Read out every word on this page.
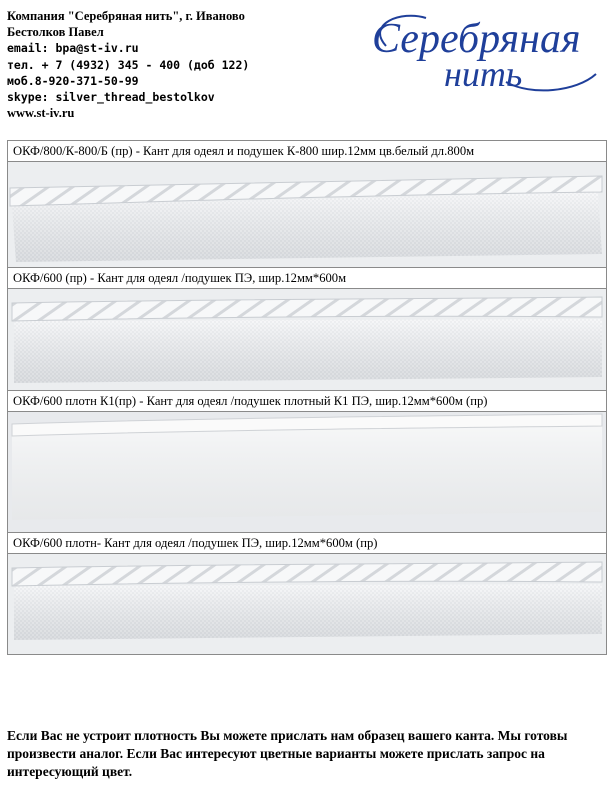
Компания "Серебряная нить", г. Иваново
Бестолков Павел
email: bpa@st-iv.ru
тел. + 7 (4932) 345 - 400 (доб 122)
моб.8-920-371-50-99
skype: silver_thread_bestolkov
www.st-iv.ru
Серебряная
нить
ОКФ/800/К-800/Б (пр) - Кант для одеял и подушек К-800 шир.12мм цв.белый дл.800м
ОКФ/600 (пр) - Кант для одеял /подушек ПЭ, шир.12мм*600м
ОКФ/600 плотн К1(пр) - Кант для одеял /подушек плотный К1 ПЭ, шир.12мм*600м (пр)
ОКФ/600 плотн- Кант для одеял /подушек ПЭ, шир.12мм*600м (пр)
Если Вас не устроит плотность Вы можете прислать нам образец вашего канта. Мы готовы произвести аналог. Если Вас интересуют цветные варианты можете прислать запрос на интересующий цвет.
